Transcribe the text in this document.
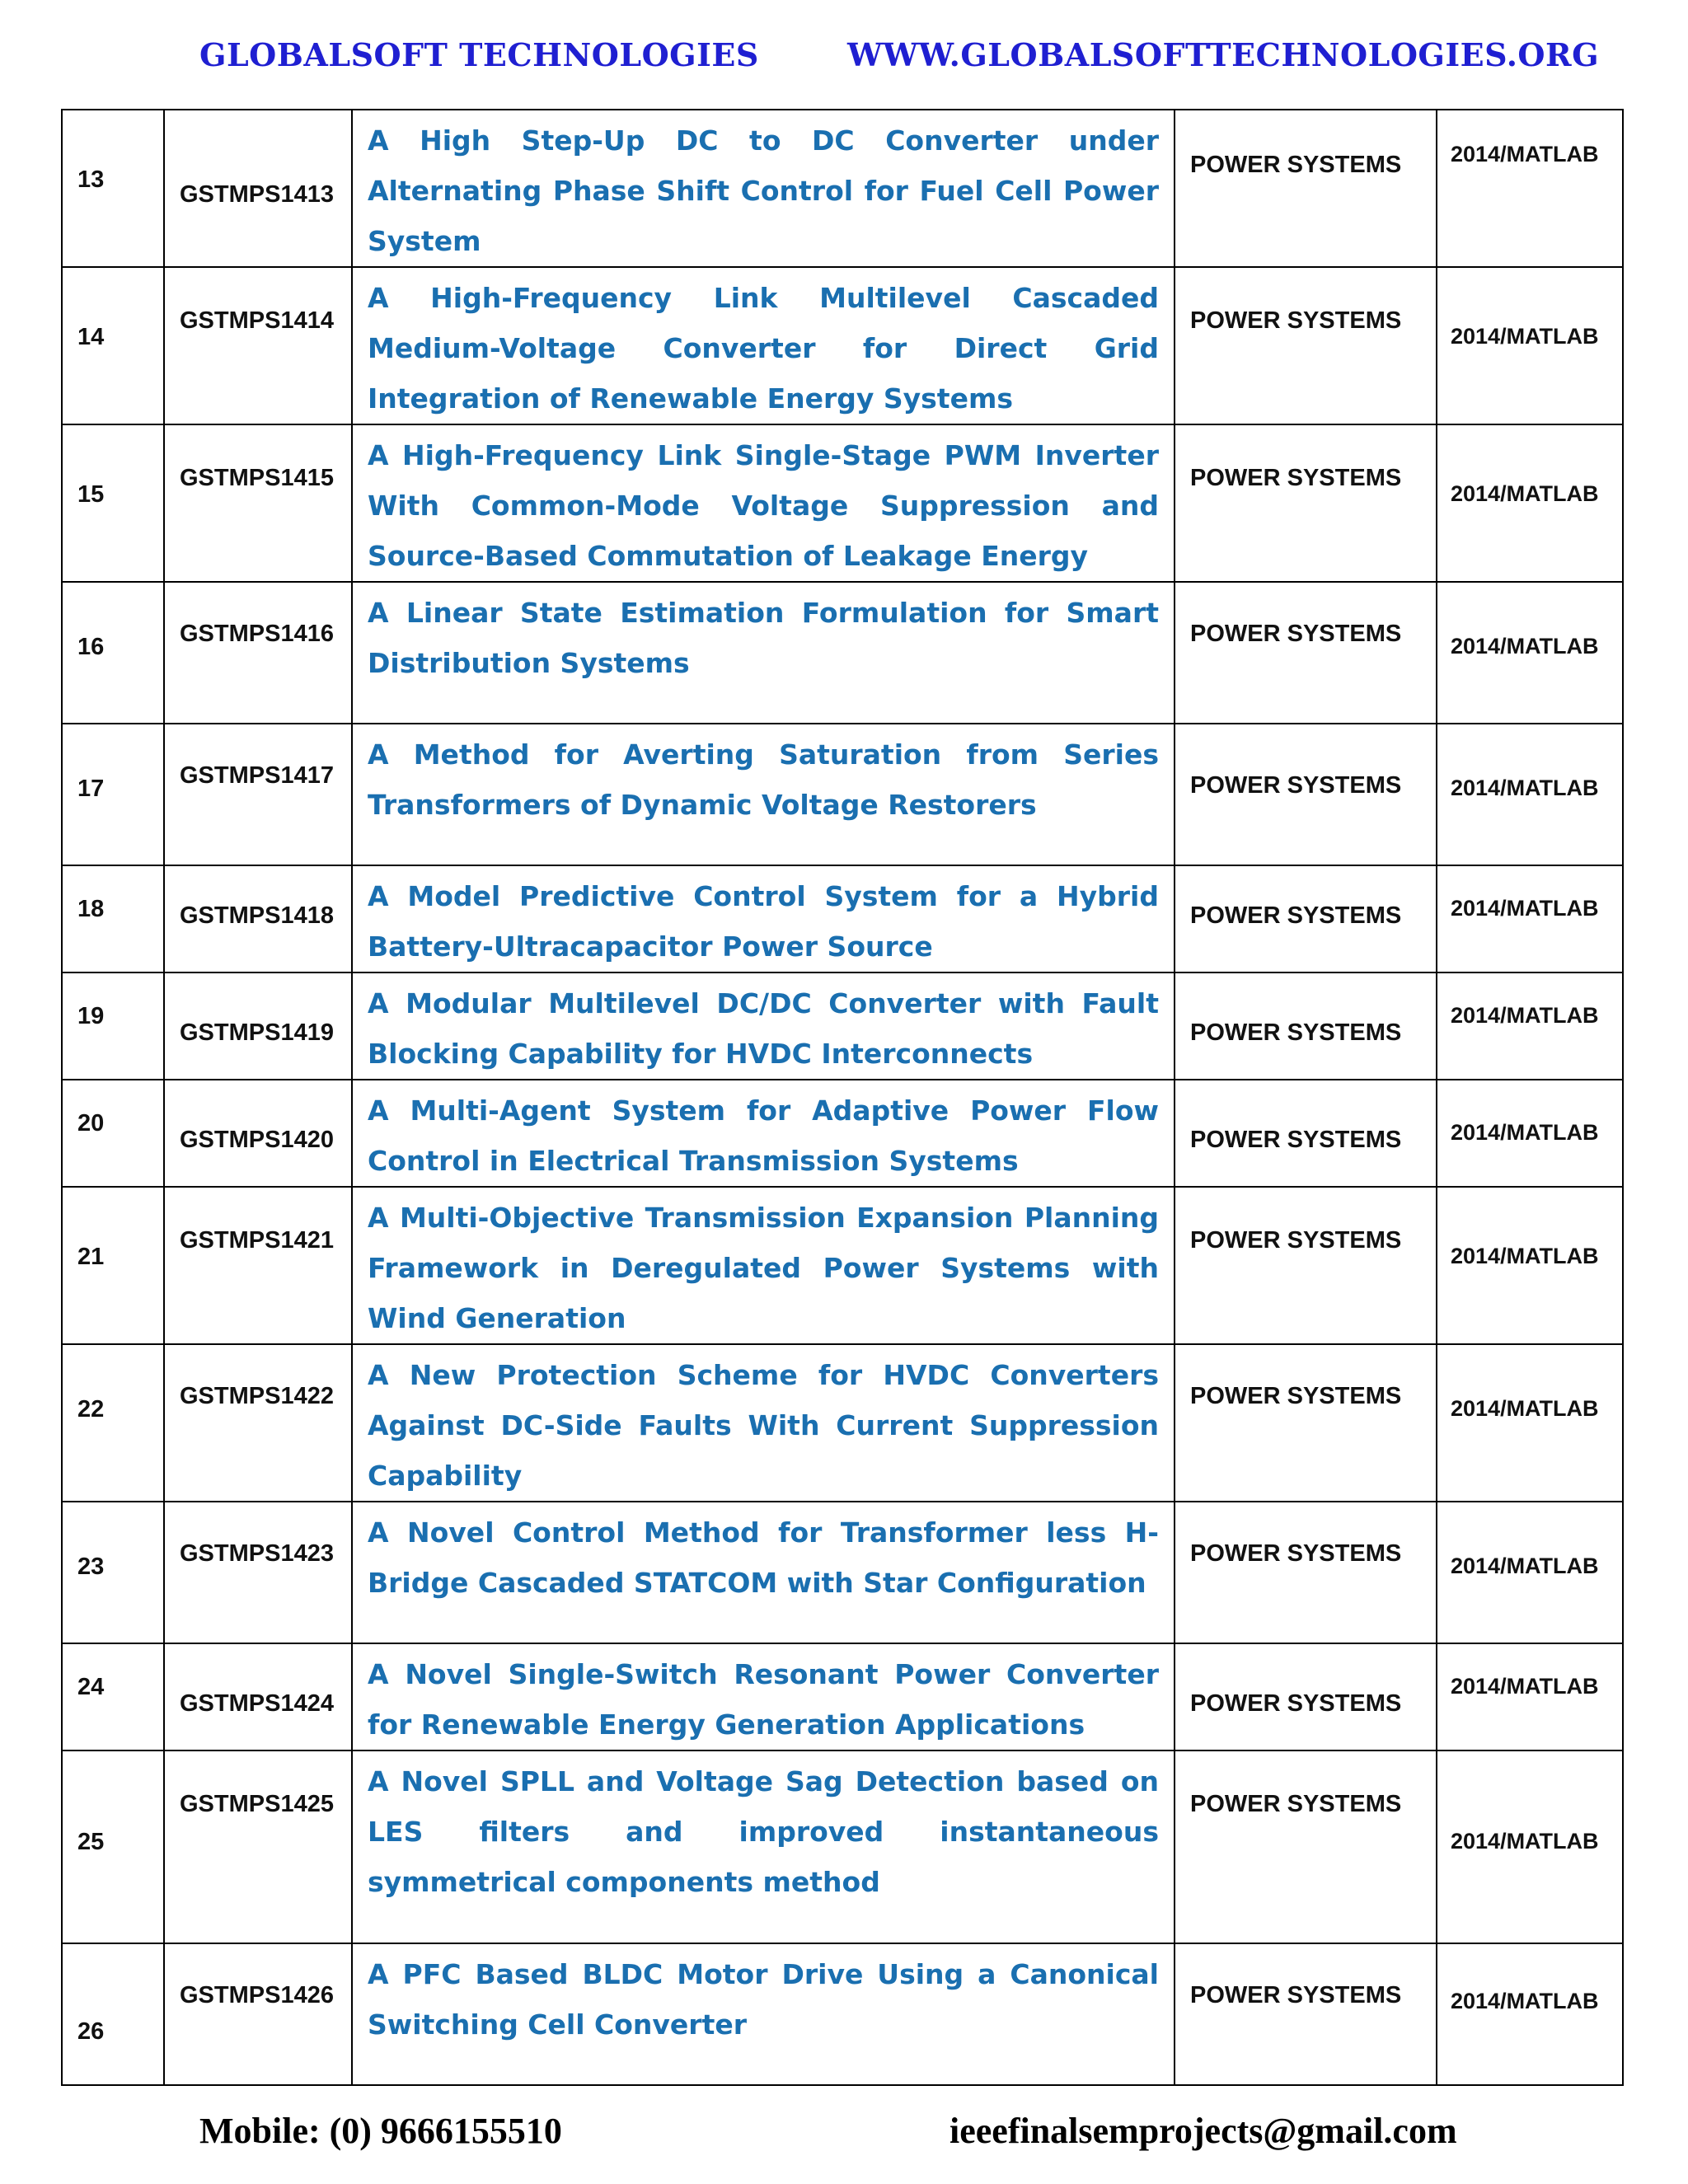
GLOBALSOFT TECHNOLOGIES	WWW.GLOBALSOFTTECHNOLOGIES.ORG
13	GSTMPS1413	A High Step-Up DC to DC Converter under Alternating Phase Shift Control for Fuel Cell Power System	POWER SYSTEMS	2014/MATLAB

14	GSTMPS1414	A High-Frequency Link Multilevel Cascaded Medium-Voltage Converter for Direct Grid Integration of Renewable Energy Systems	POWER SYSTEMS	2014/MATLAB

15	GSTMPS1415	A High-Frequency Link Single-Stage PWM Inverter With Common-Mode Voltage Suppression and Source-Based Commutation of Leakage Energy	POWER SYSTEMS	2014/MATLAB

16	GSTMPS1416	A Linear State Estimation Formulation for Smart Distribution Systems	POWER SYSTEMS	2014/MATLAB

17	GSTMPS1417	A Method for Averting Saturation from Series Transformers of Dynamic Voltage Restorers	POWER SYSTEMS	2014/MATLAB

18	GSTMPS1418	A Model Predictive Control System for a Hybrid Battery-Ultracapacitor Power Source	POWER SYSTEMS	2014/MATLAB

19	GSTMPS1419	A Modular Multilevel DC/DC Converter with Fault Blocking Capability for HVDC Interconnects	POWER SYSTEMS	2014/MATLAB

20	GSTMPS1420	A Multi-Agent System for Adaptive Power Flow Control in Electrical Transmission Systems	POWER SYSTEMS	2014/MATLAB

21	GSTMPS1421	A Multi-Objective Transmission Expansion Planning Framework in Deregulated Power Systems with Wind Generation	POWER SYSTEMS	2014/MATLAB

22	GSTMPS1422	A New Protection Scheme for HVDC Converters Against DC-Side Faults With Current Suppression Capability	POWER SYSTEMS	2014/MATLAB

23	GSTMPS1423	A Novel Control Method for Transformer less H-Bridge Cascaded STATCOM with Star Configuration	POWER SYSTEMS	2014/MATLAB

24	GSTMPS1424	A Novel Single-Switch Resonant Power Converter for Renewable Energy Generation Applications	POWER SYSTEMS	2014/MATLAB

25	GSTMPS1425	A Novel SPLL and Voltage Sag Detection based on LES filters and improved instantaneous symmetrical components method	POWER SYSTEMS	2014/MATLAB

26	GSTMPS1426	A PFC Based BLDC Motor Drive Using a Canonical Switching Cell Converter	POWER SYSTEMS	2014/MATLAB
Mobile: (0) 9666155510	ieeefinalsemprojects@gmail.com
